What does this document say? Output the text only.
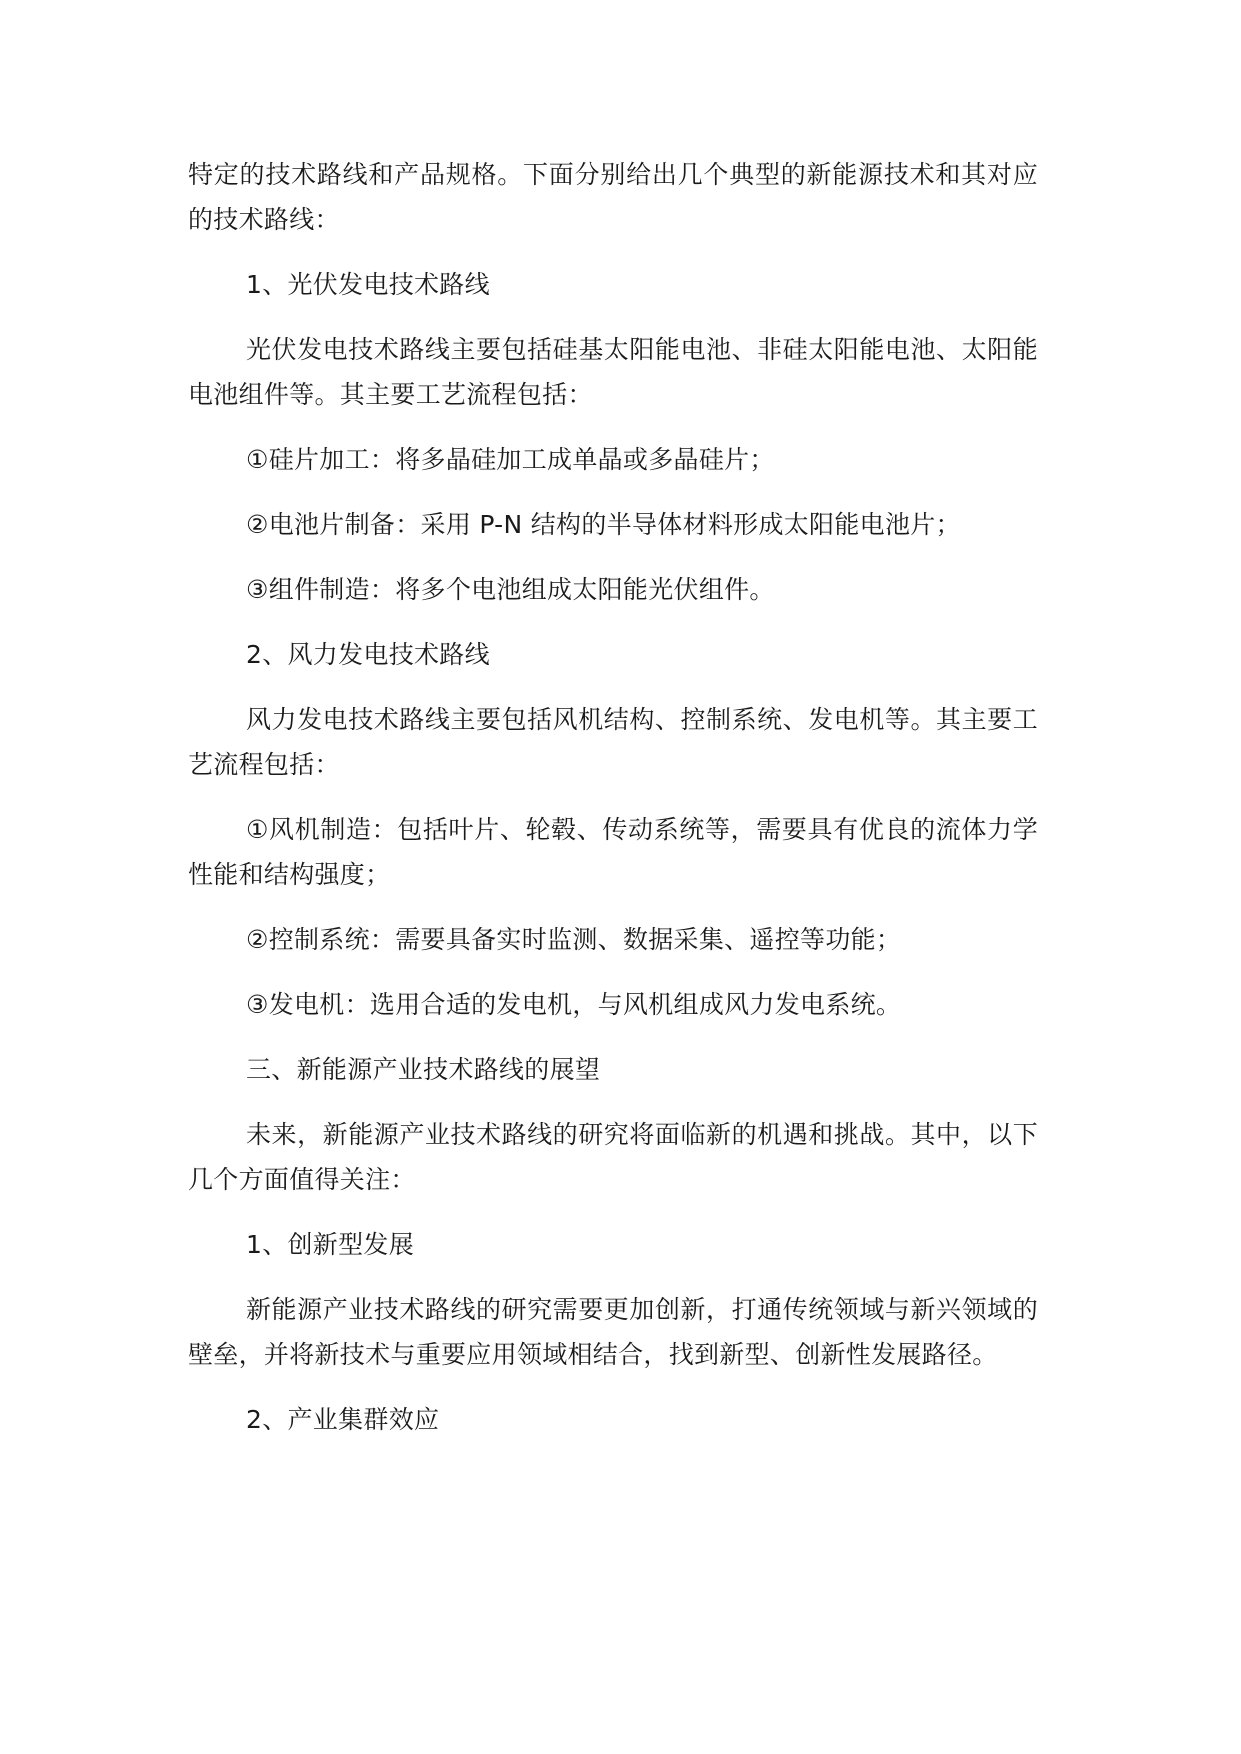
特定的技术路线和产品规格。下面分别给出几个典型的新能源技术和其对应的技术路线：

1、光伏发电技术路线

光伏发电技术路线主要包括硅基太阳能电池、非硅太阳能电池、太阳能电池组件等。其主要工艺流程包括：

①硅片加工：将多晶硅加工成单晶或多晶硅片；

②电池片制备：采用 P-N 结构的半导体材料形成太阳能电池片；

③组件制造：将多个电池组成太阳能光伏组件。

2、风力发电技术路线

风力发电技术路线主要包括风机结构、控制系统、发电机等。其主要工艺流程包括：

①风机制造：包括叶片、轮毂、传动系统等，需要具有优良的流体力学性能和结构强度；

②控制系统：需要具备实时监测、数据采集、遥控等功能；

③发电机：选用合适的发电机，与风机组成风力发电系统。

三、新能源产业技术路线的展望

未来，新能源产业技术路线的研究将面临新的机遇和挑战。其中，以下几个方面值得关注：

1、创新型发展

新能源产业技术路线的研究需要更加创新，打通传统领域与新兴领域的壁垒，并将新技术与重要应用领域相结合，找到新型、创新性发展路径。

2、产业集群效应
